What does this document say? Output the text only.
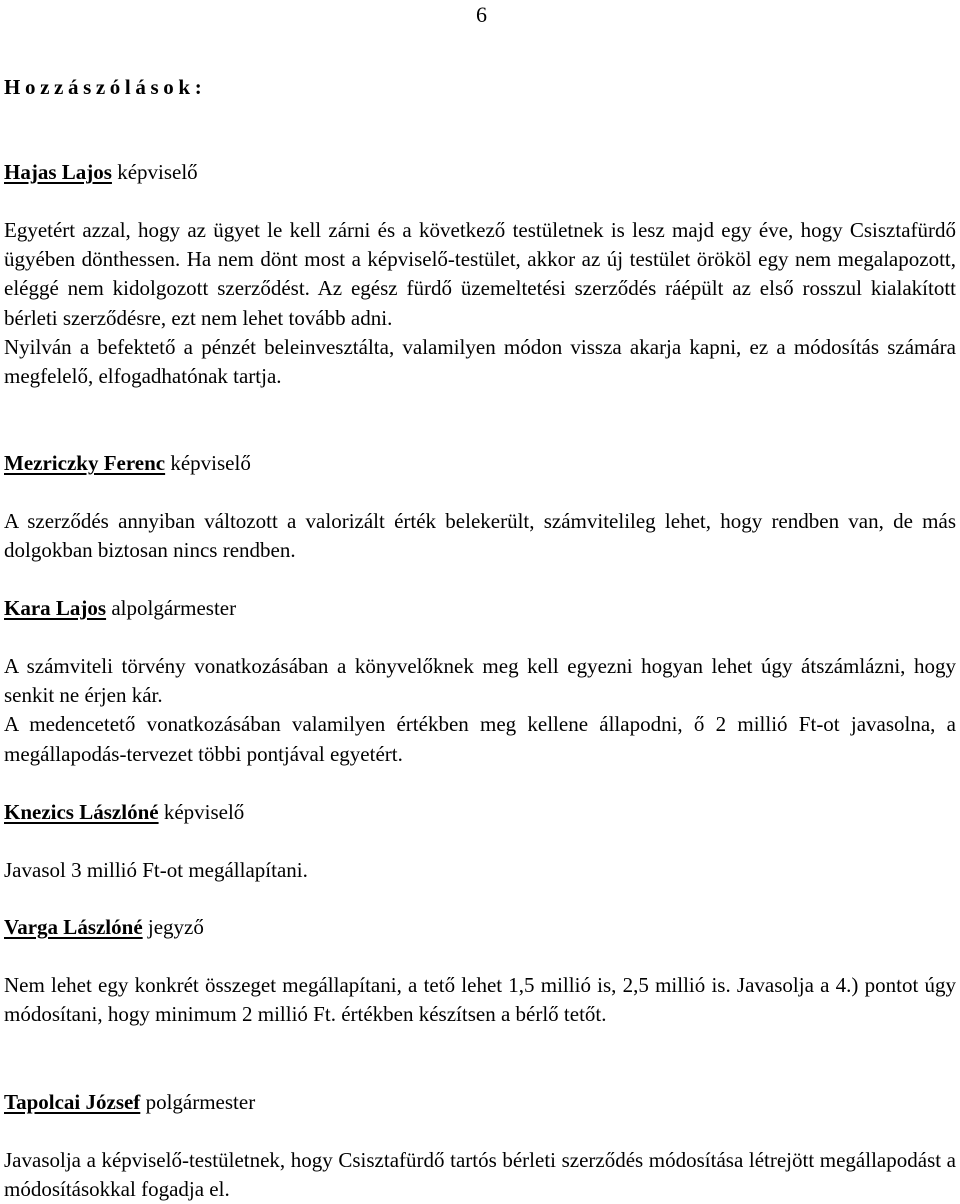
6
Hozzászólások:
Hajas Lajos képviselő

Egyetért azzal, hogy az ügyet le kell zárni és a következő testületnek is lesz majd egy éve, hogy Csisztafürdő ügyében dönthessen. Ha nem dönt most a képviselő-testület, akkor az új testület örököl egy nem megalapozott, eléggé nem kidolgozott szerződést. Az egész fürdő üzemeltetési szerződés ráépült az első rosszul kialakított bérleti szerződésre, ezt nem lehet tovább adni.

Nyilván a befektető a pénzét beleinvesztálta, valamilyen módon vissza akarja kapni, ez a módosítás számára megfelelő, elfogadhatónak tartja.

Mezriczky Ferenc képviselő

A szerződés annyiban változott a valorizált érték belekerült, számvitelileg lehet, hogy rendben van, de más dolgokban biztosan nincs rendben.

Kara Lajos alpolgármester

A számviteli törvény vonatkozásában a könyvelőknek meg kell egyezni hogyan lehet úgy átszámlázni, hogy senkit ne érjen kár.

A medencetető vonatkozásában valamilyen értékben meg kellene állapodni, ő 2 millió Ft-ot javasolna, a megállapodás-tervezet többi pontjával egyetért.

Knezics Lászlóné képviselő

Javasol 3 millió Ft-ot megállapítani.

Varga Lászlóné jegyző

Nem lehet egy konkrét összeget megállapítani, a tető lehet 1,5 millió is, 2,5 millió is. Javasolja a 4.) pontot úgy módosítani, hogy minimum 2 millió Ft. értékben készítsen a bérlő tetőt.

Tapolcai József polgármester

Javasolja a képviselő-testületnek, hogy Csisztafürdő tartós bérleti szerződés módosítása létrejött megállapodást a módosításokkal fogadja el.
